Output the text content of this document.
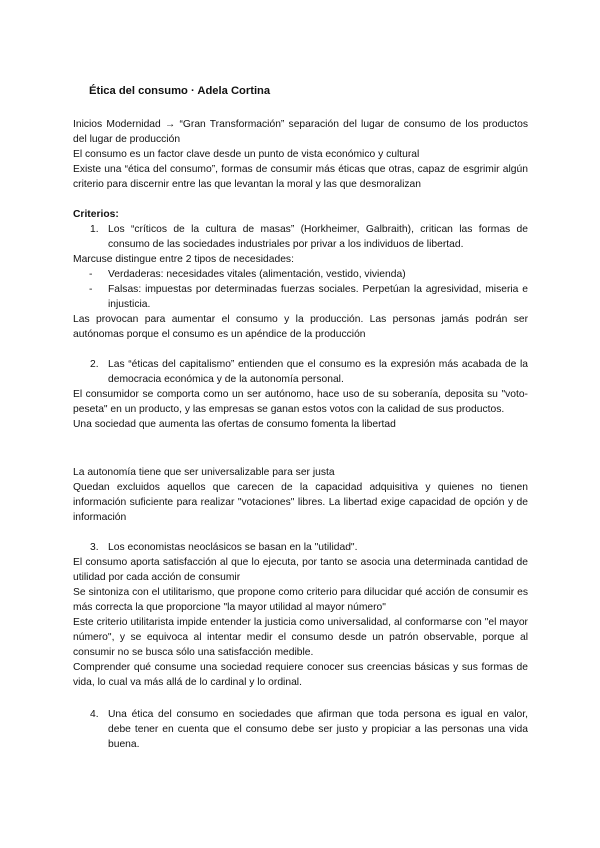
Ética del consumo · Adela Cortina

Inicios Modernidad → “Gran Transformación” separación del lugar de consumo de los productos del lugar de producción

El consumo es un factor clave desde un punto de vista económico y cultural

Existe una “ética del consumo”, formas de consumir más éticas que otras, capaz de esgrimir algún criterio para discernir entre las que levantan la moral y las que desmoralizan

Criterios:

1. Los “críticos de la cultura de masas” (Horkheimer, Galbraith), critican las formas de consumo de las sociedades industriales por privar a los individuos de libertad.

Marcuse distingue entre 2 tipos de necesidades:

- Verdaderas: necesidades vitales (alimentación, vestido, vivienda)

- Falsas: impuestas por determinadas fuerzas sociales. Perpetúan la agresividad, miseria e injusticia.

Las provocan para aumentar el consumo y la producción. Las personas jamás podrán ser autónomas porque el consumo es un apéndice de la producción

2. Las “éticas del capitalismo” entienden que el consumo es la expresión más acabada de la democracia económica y de la autonomía personal.

El consumidor se comporta como un ser autónomo, hace uso de su soberanía, deposita su "voto-peseta" en un producto, y las empresas se ganan estos votos con la calidad de sus productos.

Una sociedad que aumenta las ofertas de consumo fomenta la libertad

La autonomía tiene que ser universalizable para ser justa

Quedan excluidos aquellos que carecen de la capacidad adquisitiva y quienes no tienen información suficiente para realizar "votaciones" libres. La libertad exige capacidad de opción y de información

3. Los economistas neoclásicos se basan en la "utilidad".

El consumo aporta satisfacción al que lo ejecuta, por tanto se asocia una determinada cantidad de utilidad por cada acción de consumir

Se sintoniza con el utilitarismo, que propone como criterio para dilucidar qué acción de consumir es más correcta la que proporcione "la mayor utilidad al mayor número"

Este criterio utilitarista impide entender la justicia como universalidad, al conformarse con "el mayor número", y se equivoca al intentar medir el consumo desde un patrón observable, porque al consumir no se busca sólo una satisfacción medible.

Comprender qué consume una sociedad requiere conocer sus creencias básicas y sus formas de vida, lo cual va más allá de lo cardinal y lo ordinal.

4. Una ética del consumo en sociedades que afirman que toda persona es igual en valor, debe tener en cuenta que el consumo debe ser justo y propiciar a las personas una vida buena.
